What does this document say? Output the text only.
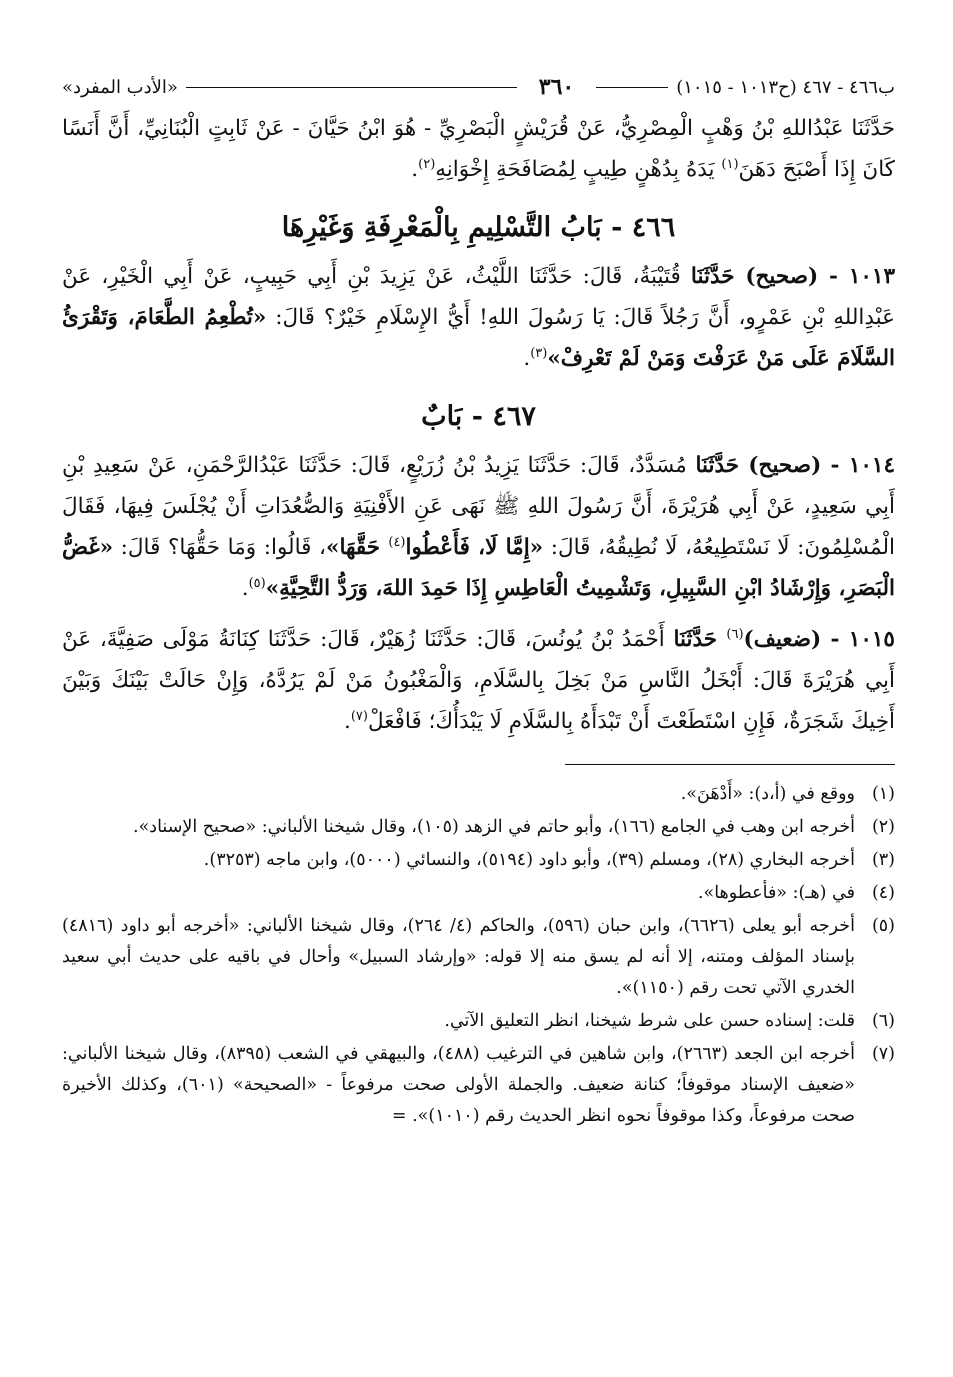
ب٤٦٦ - ٤٦٧ (ح١٠١٣ - ١٠١٥)
٣٦٠
«الأدب المفرد»

حَدَّثَنَا عَبْدُاللهِ بْنُ وَهْبٍ الْمِصْرِيُّ، عَنْ قُرَيْشٍ الْبَصْرِيِّ - هُوَ ابْنُ حَيَّانَ - عَنْ ثَابِتٍ الْبُنَانِيِّ، أَنَّ أَنَسًا كَانَ إِذَا أَصْبَحَ دَهَنَ$^{(١)}$ يَدَهُ بِدُهْنٍ طِيبٍ لِمُصَافَحَةِ إِخْوَانِهِ$^{(٢)}$.

٤٦٦ - بَابُ التَّسْلِيمِ بِالْمَعْرِفَةِ وَغَيْرِهَا

١٠١٣ - (صحيح) حَدَّثَنَا قُتَيْبَةُ، قَالَ: حَدَّثَنَا اللَّيْثُ، عَنْ يَزِيدَ بْنِ أَبِي حَبِيبٍ، عَنْ أَبِي الْخَيْرِ، عَنْ عَبْدِاللهِ بْنِ عَمْرٍو، أَنَّ رَجُلاً قَالَ: يَا رَسُولَ اللهِ! أَيُّ الإِسْلَامِ خَيْرٌ؟ قَالَ: «تُطْعِمُ الطَّعَامَ، وَتَقْرَئُ السَّلَامَ عَلَى مَنْ عَرَفْتَ وَمَنْ لَمْ تَعْرِفْ»$^{(٣)}$.

٤٦٧ - بَابٌ

١٠١٤ - (صحيح) حَدَّثَنَا مُسَدَّدٌ، قَالَ: حَدَّثَنَا يَزِيدُ بْنُ زُرَيْعٍ، قَالَ: حَدَّثَنَا عَبْدُالرَّحْمَنِ، عَنْ سَعِيدِ بْنِ أَبِي سَعِيدٍ، عَنْ أَبِي هُرَيْرَةَ، أَنَّ رَسُولَ اللهِ ﷺ نَهَى عَنِ الأَفْنِيَةِ وَالصُّعُدَاتِ أَنْ يُجْلَسَ فِيهَا، فَقَالَ الْمُسْلِمُونَ: لَا نَسْتَطِيعُهُ، لَا نُطِيقُهُ، قَالَ: «إِمَّا لَا، فَأَعْطُوا$^{(٤)}$ حَقَّهَا»، قَالُوا: وَمَا حَقُّهَا؟ قَالَ: «غَضُّ الْبَصَرِ، وَإِرْشَادُ ابْنِ السَّبِيلِ، وَتَشْمِيتُ الْعَاطِسِ إِذَا حَمِدَ اللهَ، وَرَدُّ التَّحِيَّةِ»$^{(٥)}$.

١٠١٥ - (ضعيف)$^{(٦)}$ حَدَّثَنَا أَحْمَدُ بْنُ يُونُسَ، قَالَ: حَدَّثَنَا زُهَيْرٌ، قَالَ: حَدَّثَنَا كِنَانَةُ مَوْلَى صَفِيَّةَ، عَنْ أَبِي هُرَيْرَةَ قَالَ: أَبْخَلُ النَّاسِ مَنْ بَخِلَ بِالسَّلَامِ، وَالْمَغْبُونُ مَنْ لَمْ يَرُدَّهُ، وَإِنْ حَالَتْ بَيْنَكَ وَبَيْنَ أَخِيكَ شَجَرَةٌ، فَإِنِ اسْتَطَعْتَ أَنْ تَبْدَأَهُ بِالسَّلَامِ لَا يَبْدَأُكَ؛ فَافْعَلْ$^{(٧)}$.

(١)
ووقع في (أ،د): «أَدْهَنَ».
(٢)
أخرجه ابن وهب في الجامع (١٦٦)، وأبو حاتم في الزهد (١٠٥)، وقال شيخنا الألباني: «صحيح الإسناد».
(٣)
أخرجه البخاري (٢٨)، ومسلم (٣٩)، وأبو داود (٥١٩٤)، والنسائي (٥٠٠٠)، وابن ماجه (٣٢٥٣).
(٤)
في (هـ): «فأعطوها».
(٥)
أخرجه أبو يعلى (٦٦٢٦)، وابن حبان (٥٩٦)، والحاكم (٤/ ٢٦٤)، وقال شيخنا الألباني: «أخرجه أبو داود (٤٨١٦) بإسناد المؤلف ومتنه، إلا أنه لم يسق منه إلا قوله: «وإرشاد السبيل» وأحال في باقيه على حديث أبي سعيد الخدري الآتي تحت رقم (١١٥٠)».
(٦)
قلت: إسناده حسن على شرط شيخنا، انظر التعليق الآتي.
(٧)
أخرجه ابن الجعد (٢٦٦٣)، وابن شاهين في الترغيب (٤٨٨)، والبيهقي في الشعب (٨٣٩٥)، وقال شيخنا الألباني: «ضعيف الإسناد موقوفاً؛ كنانة ضعيف. والجملة الأولى صحت مرفوعاً - «الصحيحة» (٦٠١)، وكذلك الأخيرة صحت مرفوعاً، وكذا موقوفاً نحوه انظر الحديث رقم (١٠١٠)». =
